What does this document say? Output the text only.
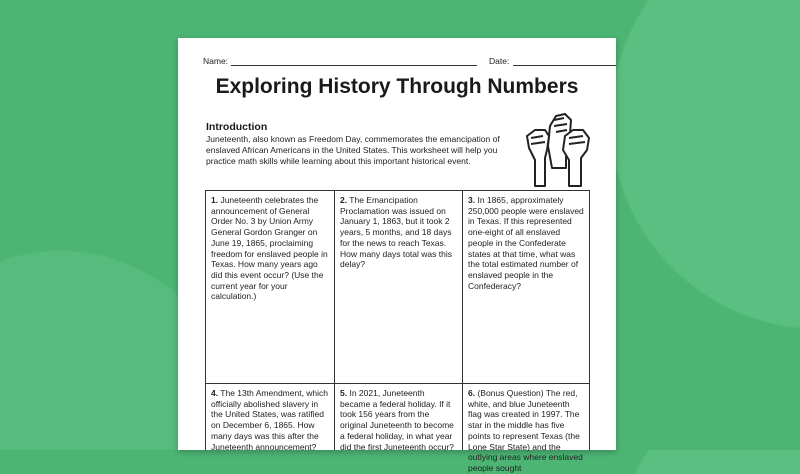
Name:	Date:
Exploring History Through Numbers
Introduction
Juneteenth, also known as Freedom Day, commemorates the emancipation of enslaved African Americans in the United States. This worksheet will help you practice math skills while learning about this important historical event.
1. Juneteenth celebrates the announcement of General Order No. 3 by Union Army General Gordon Granger on June 19, 1865, proclaiming freedom for enslaved people in Texas. How many years ago did this event occur? (Use the current year for your calculation.)
2. The Emancipation Proclamation was issued on January 1, 1863, but it took 2 years, 5 months, and 18 days for the news to reach Texas. How many days total was this delay?
3. In 1865, approximately 250,000 people were enslaved in Texas. If this represented one-eight of all enslaved people in the Confederate states at that time, what was the total estimated number of enslaved people in the Confederacy?
4. The 13th Amendment, which officially abolished slavery in the United States, was ratified on December 6, 1865. How many days was this after the Juneteenth announcement?
5. In 2021, Juneteenth became a federal holiday. If it took 156 years from the original Juneteenth to become a federal holiday, in what year did the first Juneteenth occur?
6. (Bonus Question) The red, white, and blue Juneteenth flag was created in 1997. The star in the middle has five points to represent Texas (the Lone Star State) and the outlying areas where enslaved people sought
